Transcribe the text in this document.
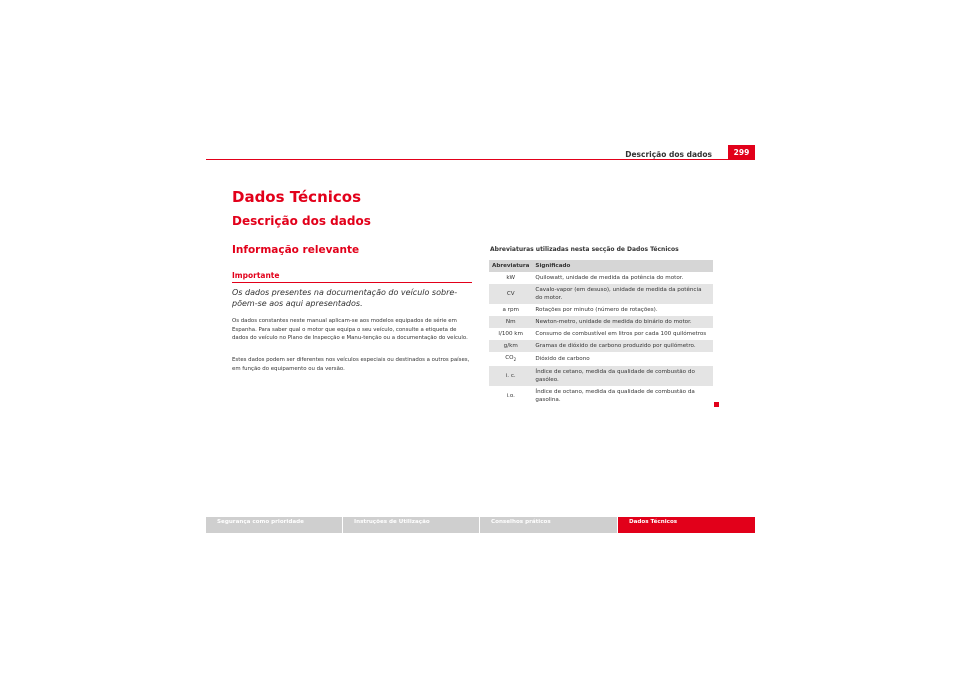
Descrição dos dados	299
Dados Técnicos
Descrição dos dados
Informação relevante
Importante
Os dados presentes na documentação do veículo sobre-põem-se aos aqui apresentados.
Os dados constantes neste manual aplicam-se aos modelos equipados de série em Espanha. Para saber qual o motor que equipa o seu veículo, consulte a etiqueta de dados do veículo no Plano de Inspecção e Manu-tenção ou a documentação do veículo.
Estes dados podem ser diferentes nos veículos especiais ou destinados a outros países, em função do equipamento ou da versão.
Abreviaturas utilizadas nesta secção de Dados Técnicos
Abreviatura	Significado
kW	Quilowatt, unidade de medida da potência do motor.
CV	Cavalo-vapor (em desuso), unidade de medida da potência do motor.
a rpm	Rotações por minuto (número de rotações).
Nm	Newton-metro, unidade de medida do binário do motor.
l/100 km	Consumo de combustível em litros por cada 100 quilómetros
g/km	Gramas de dióxido de carbono produzido por quilómetro.
$CO_2$	Dióxido de carbono
i. c.	Índice de cetano, medida da qualidade de combustão do gasóleo.
i.o.	Índice de octano, medida da qualidade de combustão da gasolina.
Segurança como prioridade	Instruções de Utilização	Conselhos práticos	Dados Técnicos
